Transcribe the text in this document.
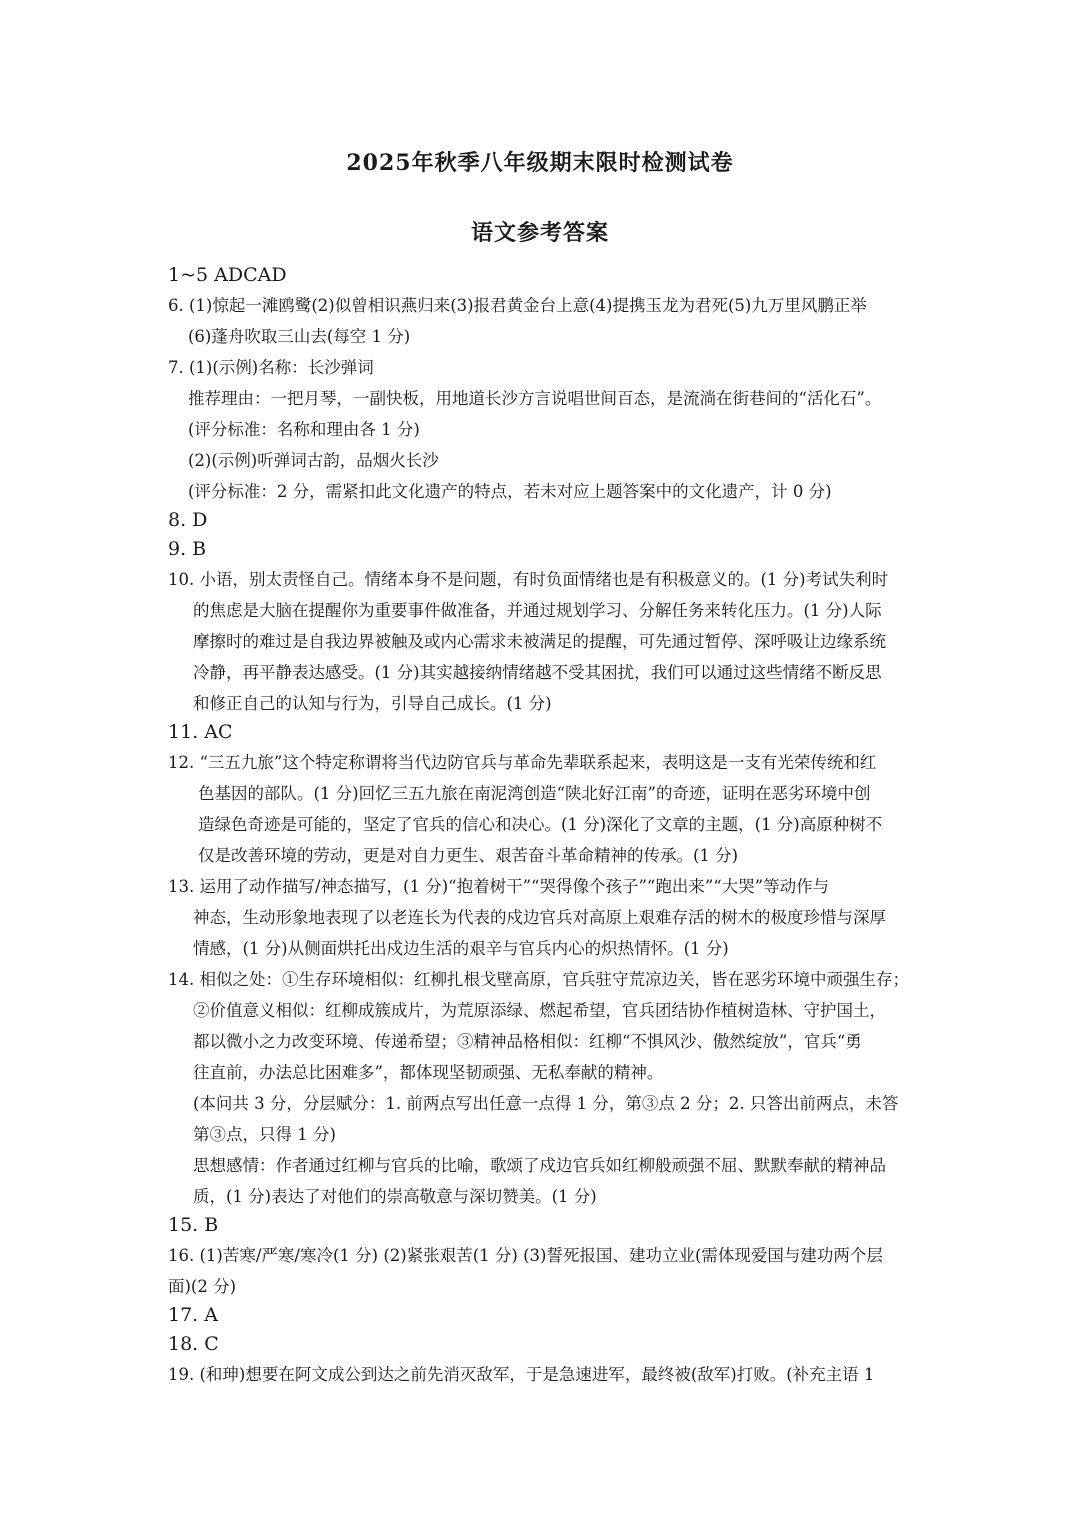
2025年秋季八年级期末限时检测试卷
语文参考答案
1~5 ADCAD
6. (1)惊起一滩鸥鹭(2)似曾相识燕归来(3)报君黄金台上意(4)提携玉龙为君死(5)九万里风鹏正举
(6)蓬舟吹取三山去(每空 1 分)
7. (1)(示例)名称：长沙弹词
推荐理由：一把月琴，一副快板，用地道长沙方言说唱世间百态，是流淌在街巷间的“活化石”。
(评分标准：名称和理由各 1 分)
(2)(示例)听弹词古韵，品烟火长沙
(评分标准：2 分，需紧扣此文化遗产的特点，若未对应上题答案中的文化遗产，计 0 分)
8. D
9. B
10. 小语，别太责怪自己。情绪本身不是问题，有时负面情绪也是有积极意义的。(1 分)考试失利时
的焦虑是大脑在提醒你为重要事件做准备，并通过规划学习、分解任务来转化压力。(1 分)人际
摩擦时的难过是自我边界被触及或内心需求未被满足的提醒，可先通过暂停、深呼吸让边缘系统
冷静，再平静表达感受。(1 分)其实越接纳情绪越不受其困扰，我们可以通过这些情绪不断反思
和修正自己的认知与行为，引导自己成长。(1 分)
11. AC
12. “三五九旅”这个特定称谓将当代边防官兵与革命先辈联系起来，表明这是一支有光荣传统和红
色基因的部队。(1 分)回忆三五九旅在南泥湾创造“陕北好江南”的奇迹，证明在恶劣环境中创
造绿色奇迹是可能的，坚定了官兵的信心和决心。(1 分)深化了文章的主题，(1 分)高原种树不
仅是改善环境的劳动，更是对自力更生、艰苦奋斗革命精神的传承。(1 分)
13. 运用了动作描写/神态描写，(1 分)“抱着树干”“哭得像个孩子”“跑出来”“大哭”等动作与
神态，生动形象地表现了以老连长为代表的戍边官兵对高原上艰难存活的树木的极度珍惜与深厚
情感，(1 分)从侧面烘托出戍边生活的艰辛与官兵内心的炽热情怀。(1 分)
14. 相似之处：①生存环境相似：红柳扎根戈壁高原，官兵驻守荒凉边关，皆在恶劣环境中顽强生存；
②价值意义相似：红柳成簇成片，为荒原添绿、燃起希望，官兵团结协作植树造林、守护国土，
都以微小之力改变环境、传递希望；③精神品格相似：红柳“不惧风沙、傲然绽放”，官兵“勇
往直前，办法总比困难多”，都体现坚韧顽强、无私奉献的精神。
(本问共 3 分，分层赋分：1. 前两点写出任意一点得 1 分，第③点 2 分；2. 只答出前两点，未答
第③点，只得 1 分)
思想感情：作者通过红柳与官兵的比喻，歌颂了戍边官兵如红柳般顽强不屈、默默奉献的精神品
质，(1 分)表达了对他们的崇高敬意与深切赞美。(1 分)
15. B
16. (1)苦寒/严寒/寒冷(1 分) (2)紧张艰苦(1 分) (3)誓死报国、建功立业(需体现爱国与建功两个层
面)(2 分)
17. A
18. C
19. (和珅)想要在阿文成公到达之前先消灭敌军，于是急速进军，最终被(敌军)打败。(补充主语 1
